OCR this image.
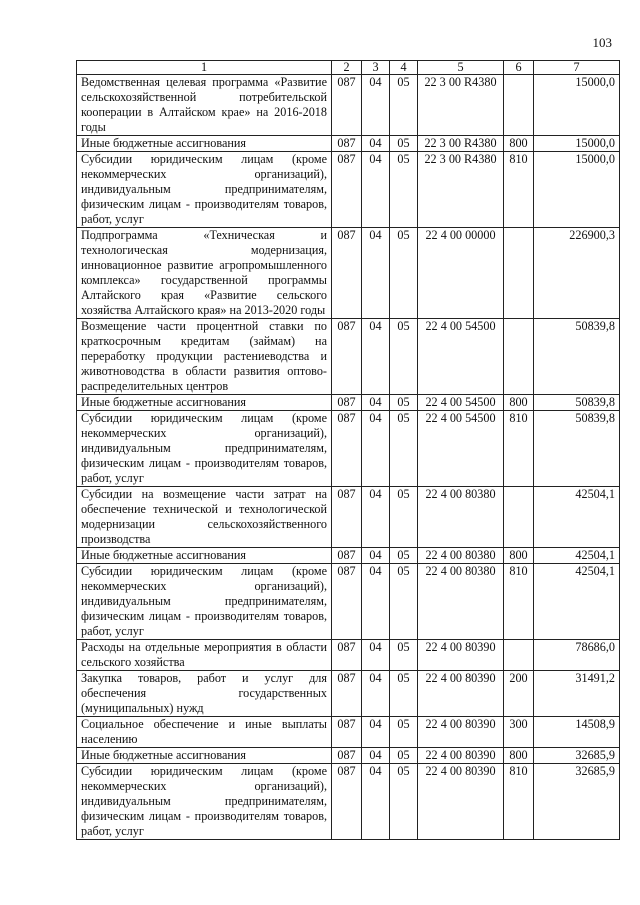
103
1	2	3	4	5	6	7
Ведомственная целевая программа «Развитие сельскохозяйственной потребительской кооперации в Алтайском крае» на 2016-2018 годы	087	04	05	22 3 00 R4380		15000,0
Иные бюджетные ассигнования	087	04	05	22 3 00 R4380	800	15000,0
Субсидии юридическим лицам (кроме некоммерческих организаций), индивидуальным предпринимателям, физическим лицам - производителям товаров, работ, услуг	087	04	05	22 3 00 R4380	810	15000,0
Подпрограмма «Техническая и технологическая модернизация, инновационное развитие агропромышленного комплекса» государственной программы Алтайского края «Развитие сельского хозяйства Алтайского края» на 2013-2020 годы	087	04	05	22 4 00 00000		226900,3
Возмещение части процентной ставки по краткосрочным кредитам (займам) на переработку продукции растениеводства и животноводства в области развития оптово-распределительных центров	087	04	05	22 4 00 54500		50839,8
Иные бюджетные ассигнования	087	04	05	22 4 00 54500	800	50839,8
Субсидии юридическим лицам (кроме некоммерческих организаций), индивидуальным предпринимателям, физическим лицам - производителям товаров, работ, услуг	087	04	05	22 4 00 54500	810	50839,8
Субсидии на возмещение части затрат на обеспечение технической и технологической модернизации сельскохозяйственного производства	087	04	05	22 4 00 80380		42504,1
Иные бюджетные ассигнования	087	04	05	22 4 00 80380	800	42504,1
Субсидии юридическим лицам (кроме некоммерческих организаций), индивидуальным предпринимателям, физическим лицам - производителям товаров, работ, услуг	087	04	05	22 4 00 80380	810	42504,1
Расходы на отдельные мероприятия в области сельского хозяйства	087	04	05	22 4 00 80390		78686,0
Закупка товаров, работ и услуг для обеспечения государственных (муниципальных) нужд	087	04	05	22 4 00 80390	200	31491,2
Социальное обеспечение и иные выплаты населению	087	04	05	22 4 00 80390	300	14508,9
Иные бюджетные ассигнования	087	04	05	22 4 00 80390	800	32685,9
Субсидии юридическим лицам (кроме некоммерческих организаций), индивидуальным предпринимателям, физическим лицам - производителям товаров, работ, услуг	087	04	05	22 4 00 80390	810	32685,9
